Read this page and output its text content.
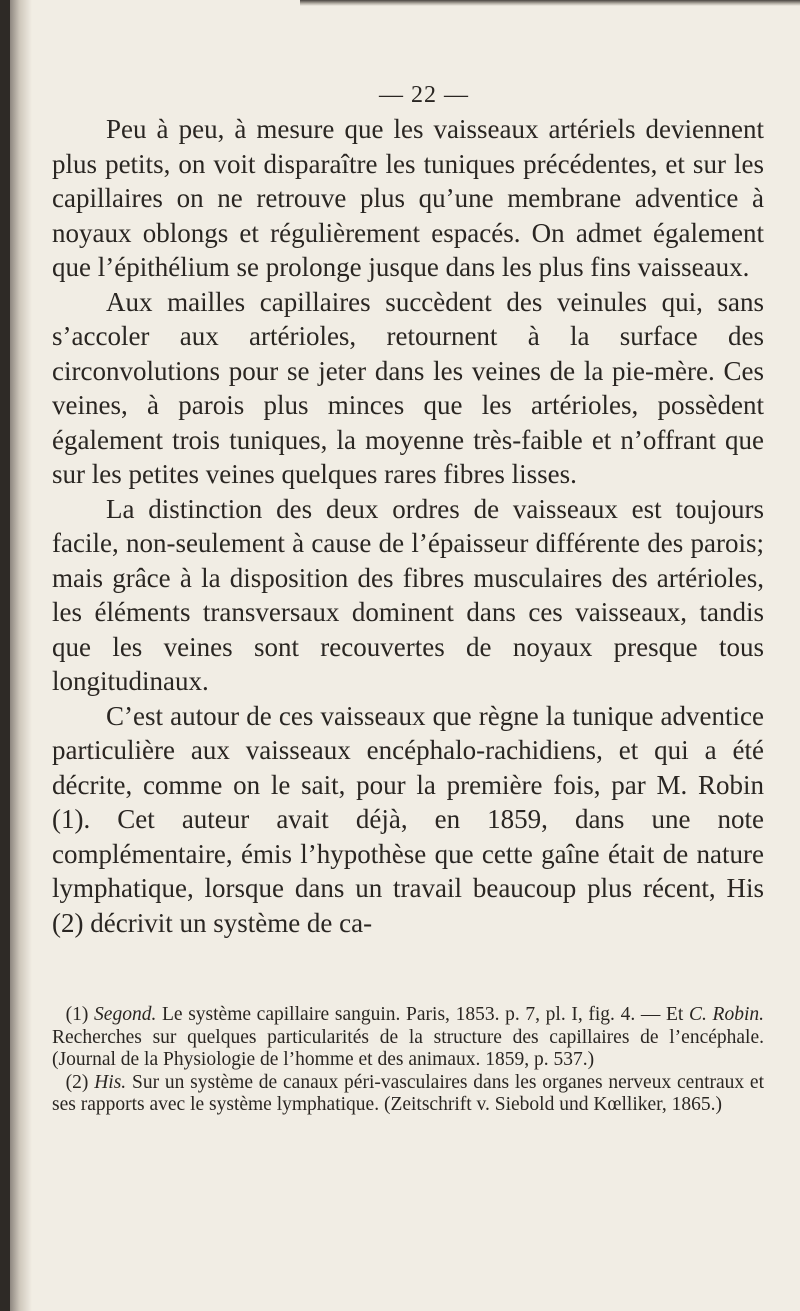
— 22 —

Peu à peu, à mesure que les vaisseaux artériels deviennent plus petits, on voit disparaître les tuniques précédentes, et sur les capillaires on ne retrouve plus qu’une membrane adventice à noyaux oblongs et régulièrement espacés. On admet également que l’épithélium se prolonge jusque dans les plus fins vaisseaux.

Aux mailles capillaires succèdent des veinules qui, sans s’accoler aux artérioles, retournent à la surface des circonvolutions pour se jeter dans les veines de la pie-mère. Ces veines, à parois plus minces que les artérioles, possèdent également trois tuniques, la moyenne très-faible et n’offrant que sur les petites veines quelques rares fibres lisses.

La distinction des deux ordres de vaisseaux est toujours facile, non-seulement à cause de l’épaisseur différente des parois; mais grâce à la disposition des fibres musculaires des artérioles, les éléments transversaux dominent dans ces vaisseaux, tandis que les veines sont recouvertes de noyaux presque tous longitudinaux.

C’est autour de ces vaisseaux que règne la tunique adventice particulière aux vaisseaux encéphalo-rachidiens, et qui a été décrite, comme on le sait, pour la première fois, par M. Robin (1). Cet auteur avait déjà, en 1859, dans une note complémentaire, émis l’hypothèse que cette gaîne était de nature lymphatique, lorsque dans un travail beaucoup plus récent, His (2) décrivit un système de ca-

(1) Segond. Le système capillaire sanguin. Paris, 1853. p. 7, pl. I, fig. 4. — Et C. Robin. Recherches sur quelques particularités de la structure des capillaires de l’encéphale. (Journal de la Physiologie de l’homme et des animaux. 1859, p. 537.)

(2) His. Sur un système de canaux péri-vasculaires dans les organes nerveux centraux et ses rapports avec le système lymphatique. (Zeitschrift v. Siebold und Kœlliker, 1865.)
